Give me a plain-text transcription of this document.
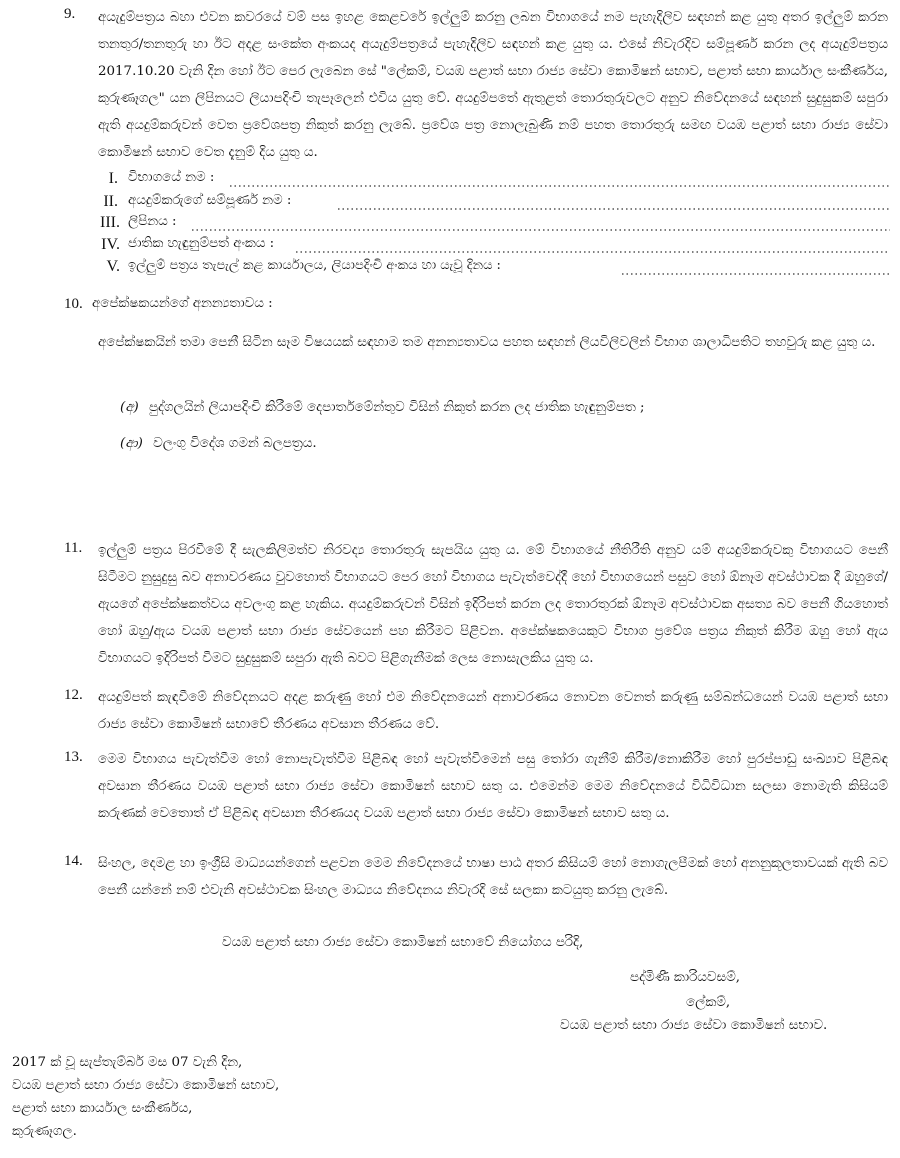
9. අයැදුම්පත්‍රය බහා එවන කවරයේ වම් පස ඉහළ කෙළවරේ ඉල්ලුම් කරනු ලබන විභාගයේ නම පැහැදිලිව සඳහන් කළ යුතු අතර ඉල්ලුම් කරන තනතුර/තනතුරු හා ඊට අදළ සංකේත අංකයද අයැදුම්පත්‍රයේ පැහැදිලිව සඳහන් කළ යුතු ය. එසේ නිවැරදිව සම්පූර්ණ කරන ලද අයැදුම්පත්‍රය 2017.10.20 වැනි දින හෝ ඊට පෙර ලැබෙන සේ "ලේකම්, වයඹ පළාත් සභා රාජ්‍ය සේවා කොමිෂන් සභාව, පළාත් සභා කාර්යාල සංකීර්ණය, කුරුණෑගල" යන ලිපිනයට ලියාපදිංචි තැපෑලෙන් එවිය යුතු වේ. අයදුම්පතේ ඇතුළත් තොරතුරුවලට අනුව නිවේදනයේ සඳහන් සුදුසුකම් සපුරා ඇති අයදුම්කරුවන් වෙත ප්‍රවේශපත්‍ර නිකුත් කරනු ලැබේ. ප්‍රවේශ පත්‍ර නොලැබුණි නම් පහත තොරතුරු සමඟ වයඹ පළාත් සභා රාජ්‍ය සේවා කොමිෂන් සභාව වෙත දැනුම් දිය යුතු ය.
I. විභාගයේ නම :
II. අයදුම්කරුගේ සම්පූර්ණ නම :
III. ලිපිනය :
IV. ජාතික හැඳුනුම්පත් අංකය :
V. ඉල්ලුම් පත්‍රය තැපැල් කළ කාර්යාලය, ලියාපදිංචි අංකය හා යැවූ දිනය :
10. අපේක්ෂකයන්ගේ අනන්‍යතාවය :
අපේක්ෂකයින් තමා පෙනී සිටින සෑම විෂයයක් සඳහාම තම අනන්‍යතාවය පහත සඳහන් ලියවිලිවලින් විභාග ශාලාධිපතිට තහවුරු කළ යුතු ය.
(අ) පුද්ගලයින් ලියාපදිංචි කිරීමේ දෙපාර්තමේන්තුව විසින් නිකුත් කරන ලද ජාතික හැඳුනුම්පත ;
(ආ) වලංගු විදේශ ගමන් බලපත්‍රය.
11. ඉල්ලුම් පත්‍රය පිරවීමේ දී සැලකිලිමත්ව නිරවද්‍ය තොරතුරු සැපයිය යුතු ය. මේ විභාගයේ නීතිරීති අනුව යම් අයදුම්කරුවකු විභාගයට පෙනී සිටීමට නුසුදුසු බව අනාවරණය වුවහොත් විභාගයට පෙර හෝ විභාගය පැවැත්වෙද්දී හෝ විභාගයෙන් පසුව හෝ ඕනෑම අවස්ථාවක දී ඔහුගේ/ඇයගේ අපේක්ෂකත්වය අවලංගු කළ හැකිය. අයදුම්කරුවන් විසින් ඉදිරිපත් කරන ලද තොරතුරක් ඕනෑම අවස්ථාවක අසත්‍ය බව පෙනී ගියහොත් හෝ ඔහු/ඇය වයඹ පළාත් සභා රාජ්‍ය සේවයෙන් පහ කිරීමට පිළිවන. අපේක්ෂකයෙකුට විභාග ප්‍රවේශ පත්‍රය නිකුත් කිරීම ඔහු හෝ ඇය විභාගයට ඉදිරිපත් වීමට සුදුසුකම් සපුරා ඇති බවට පිළිගැනීමක් ලෙස නොසැලකිය යුතු ය.
12. අයදුම්පත් කැඳවීමේ නිවේදනයට අදළ කරුණු හෝ එම නිවේදනයෙන් අනාවරණය නොවන වෙනත් කරුණු සම්බන්ධයෙන් වයඹ පළාත් සභා රාජ්‍ය සේවා කොමිෂන් සභාවේ තීරණය අවසාන තීරණය වේ.
13. මෙම විභාගය පැවැත්වීම හෝ නොපැවැත්වීම පිළිබඳ හෝ පැවැත්වීමෙන් පසු තෝරා ගැනීම් කිරීම/නොකිරීම හෝ පුරප්පාඩු සංඛ්‍යාව පිළිබඳ අවසාන තීරණය වයඹ පළාත් සභා රාජ්‍ය සේවා කොමිෂන් සභාව සතු ය. එමෙන්ම මෙම නිවේදනයේ විධිවිධාන සලසා නොමැති කිසියම් කරුණක් වෙතොත් ඒ පිළිබඳ අවසාන තීරණයද වයඹ පළාත් සභා රාජ්‍ය සේවා කොමිෂන් සභාව සතු ය.
14. සිංහල, දෙමළ හා ඉංග්‍රීසි මාධ්‍යයන්ගෙන් පළවන මෙම නිවේදනයේ භාෂා පාඨ අතර කිසියම් හෝ නොගැලපීමක් හෝ අනනුකූලතාවයක් ඇති බව පෙනී යන්නේ නම් එවැනි අවස්ථාවක සිංහල මාධ්‍යය නිවේදනය නිවැරදි සේ සලකා කටයුතු කරනු ලැබේ.
වයඹ පළාත් සභා රාජ්‍ය සේවා කොමිෂන් සභාවේ නියෝගය පරිදි,
පද්මිණී කාරියවසම්,
ලේකම්,
වයඹ පළාත් සභා රාජ්‍ය සේවා කොමිෂන් සභාව.
2017 ක් වූ සැප්තැම්බර් මස 07 වැනි දින,
වයඹ පළාත් සභා රාජ්‍ය සේවා කොමිෂන් සභාව,
පළාත් සභා කාර්යාල සංකීර්ණය,
කුරුණෑගල.
